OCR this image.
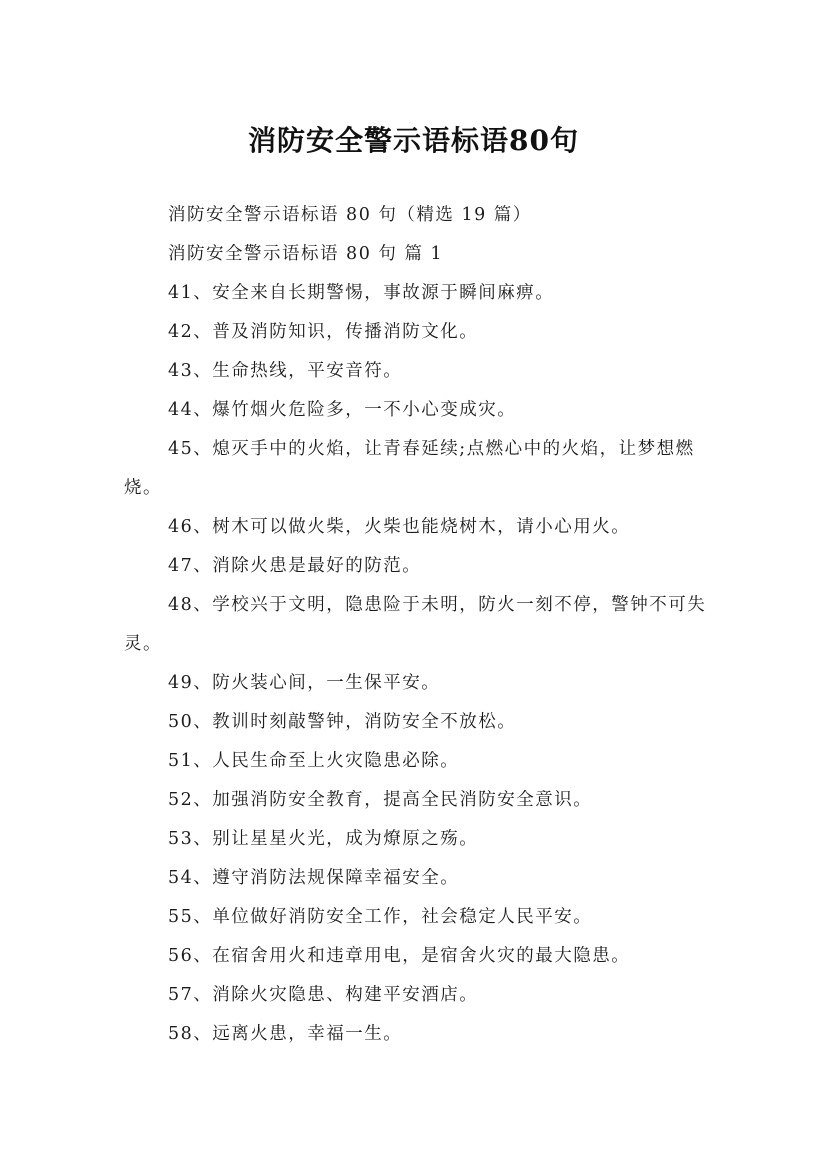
消防安全警示语标语80句

消防安全警示语标语 80 句（精选 19 篇）

消防安全警示语标语 80 句 篇 1

41、安全来自长期警惕，事故源于瞬间麻痹。

42、普及消防知识，传播消防文化。

43、生命热线，平安音符。

44、爆竹烟火危险多，一不小心变成灾。

45、熄灭手中的火焰，让青春延续;点燃心中的火焰，让梦想燃烧。

46、树木可以做火柴，火柴也能烧树木，请小心用火。

47、消除火患是最好的防范。

48、学校兴于文明，隐患险于未明，防火一刻不停，警钟不可失灵。

49、防火装心间，一生保平安。

50、教训时刻敲警钟，消防安全不放松。

51、人民生命至上火灾隐患必除。

52、加强消防安全教育，提高全民消防安全意识。

53、别让星星火光，成为燎原之殇。

54、遵守消防法规保障幸福安全。

55、单位做好消防安全工作，社会稳定人民平安。

56、在宿舍用火和违章用电，是宿舍火灾的最大隐患。

57、消除火灾隐患、构建平安酒店。

58、远离火患，幸福一生。
